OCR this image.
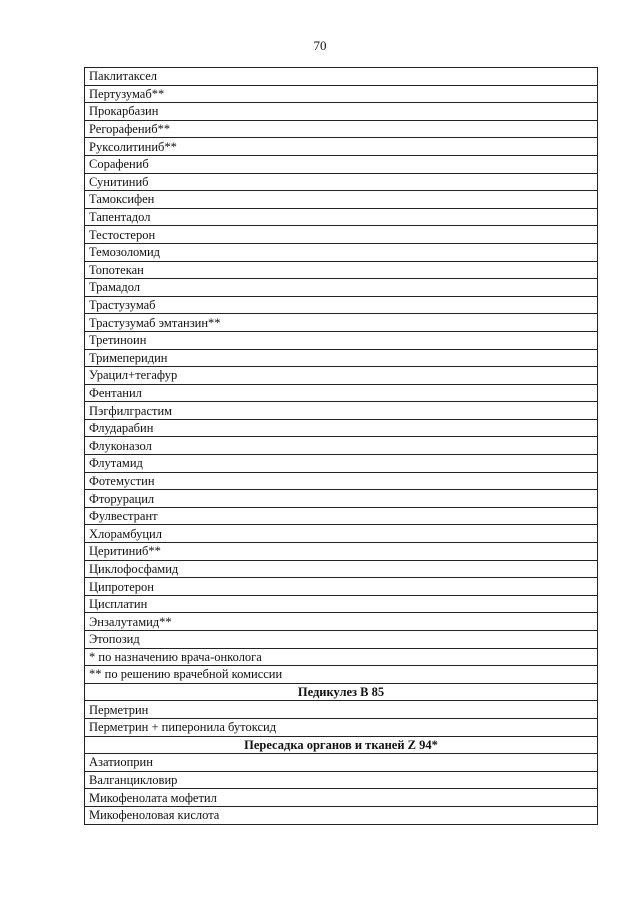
70
Паклитаксел
Пертузумаб**
Прокарбазин
Регорафениб**
Руксолитиниб**
Сорафениб
Сунитиниб
Тамоксифен
Тапентадол
Тестостерон
Темозоломид
Топотекан
Трамадол
Трастузумаб
Трастузумаб эмтанзин**
Третиноин
Тримеперидин
Урацил+тегафур
Фентанил
Пэгфилграстим
Флударабин
Флуконазол
Флутамид
Фотемустин
Фторурацил
Фулвестрант
Хлорамбуцил
Церитиниб**
Циклофосфамид
Ципротерон
Цисплатин
Энзалутамид**
Этопозид
* по назначению врача-онколога
** по решению врачебной комиссии
Педикулез В 85
Перметрин
Перметрин + пиперонила бутоксид
Пересадка органов и тканей Z 94*
Азатиоприн
Валганцикловир
Микофенолата мофетил
Микофеноловая кислота
